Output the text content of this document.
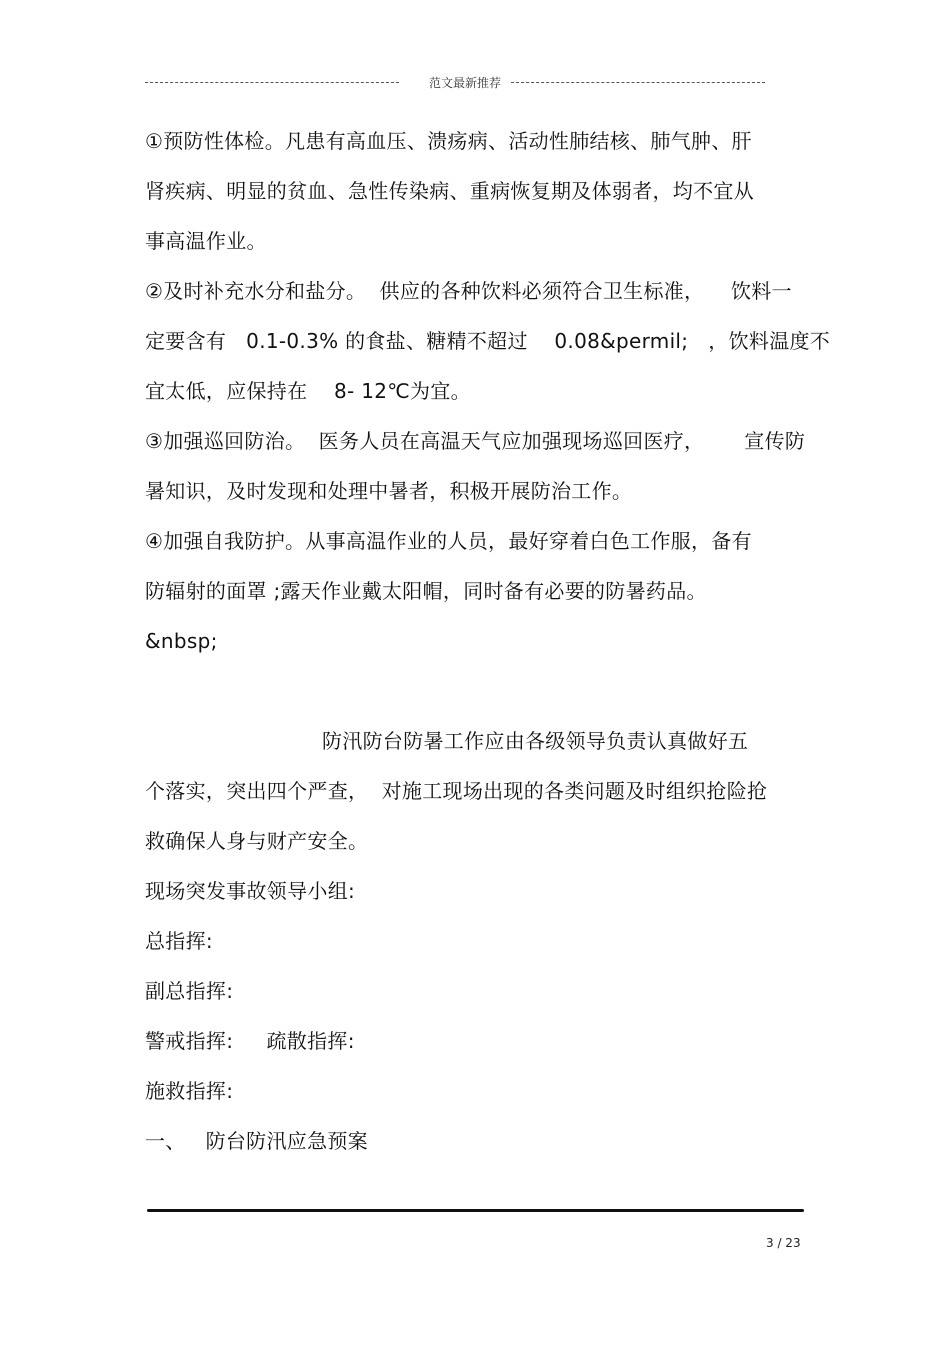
范文最新推荐
①预防性体检。凡患有高血压、溃疡病、活动性肺结核、肺气肿、肝
肾疾病、明显的贫血、急性传染病、重病恢复期及体弱者，均不宜从
事高温作业。
②及时补充水分和盐分。  供应的各种饮料必须符合卫生标准，    饮料一
定要含有   0.1-0.3% 的食盐、糖精不超过    0.08&permil;   ，饮料温度不
宜太低，应保持在    8- 12℃为宜。
③加强巡回防治。  医务人员在高温天气应加强现场巡回医疗，      宣传防
暑知识，及时发现和处理中暑者，积极开展防治工作。
④加强自我防护。从事高温作业的人员，最好穿着白色工作服，备有
防辐射的面罩 ;露天作业戴太阳帽，同时备有必要的防暑药品。
&nbsp;
防汛防台防暑工作应由各级领导负责认真做好五
个落实，突出四个严查，  对施工现场出现的各类问题及时组织抢险抢
救确保人身与财产安全。
现场突发事故领导小组:
总指挥:
副总指挥:
警戒指挥:     疏散指挥:
施救指挥:
一、   防台防汛应急预案
3 / 23
